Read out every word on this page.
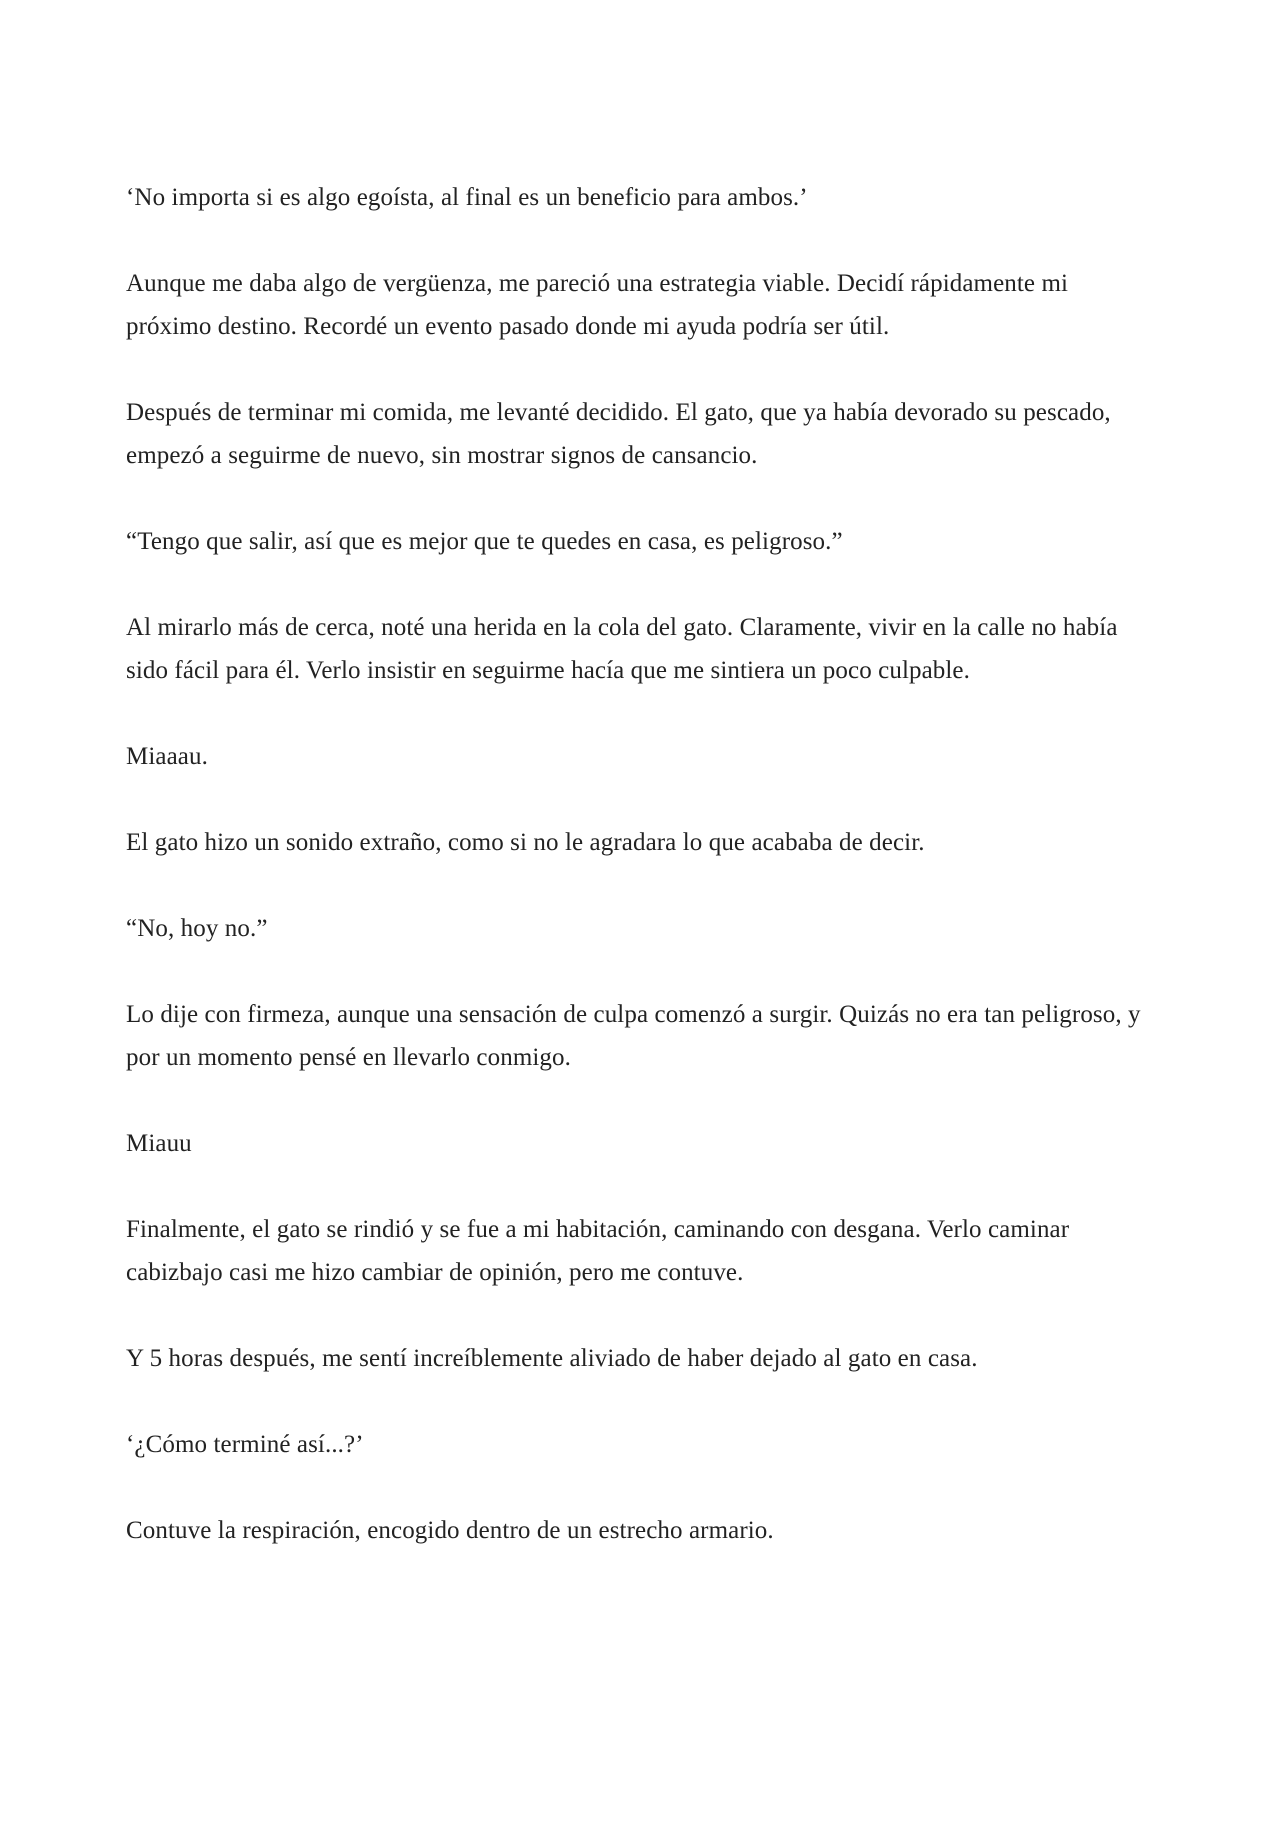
‘No importa si es algo egoísta, al final es un beneficio para ambos.’

Aunque me daba algo de vergüenza, me pareció una estrategia viable. Decidí rápidamente mi próximo destino. Recordé un evento pasado donde mi ayuda podría ser útil.

Después de terminar mi comida, me levanté decidido. El gato, que ya había devorado su pescado, empezó a seguirme de nuevo, sin mostrar signos de cansancio.

“Tengo que salir, así que es mejor que te quedes en casa, es peligroso.”

Al mirarlo más de cerca, noté una herida en la cola del gato. Claramente, vivir en la calle no había sido fácil para él. Verlo insistir en seguirme hacía que me sintiera un poco culpable.

Miaaau.

El gato hizo un sonido extraño, como si no le agradara lo que acababa de decir.

“No, hoy no.”

Lo dije con firmeza, aunque una sensación de culpa comenzó a surgir. Quizás no era tan peligroso, y por un momento pensé en llevarlo conmigo.

Miauu

Finalmente, el gato se rindió y se fue a mi habitación, caminando con desgana. Verlo caminar cabizbajo casi me hizo cambiar de opinión, pero me contuve.

Y 5 horas después, me sentí increíblemente aliviado de haber dejado al gato en casa.

‘¿Cómo terminé así...?’

Contuve la respiración, encogido dentro de un estrecho armario.
